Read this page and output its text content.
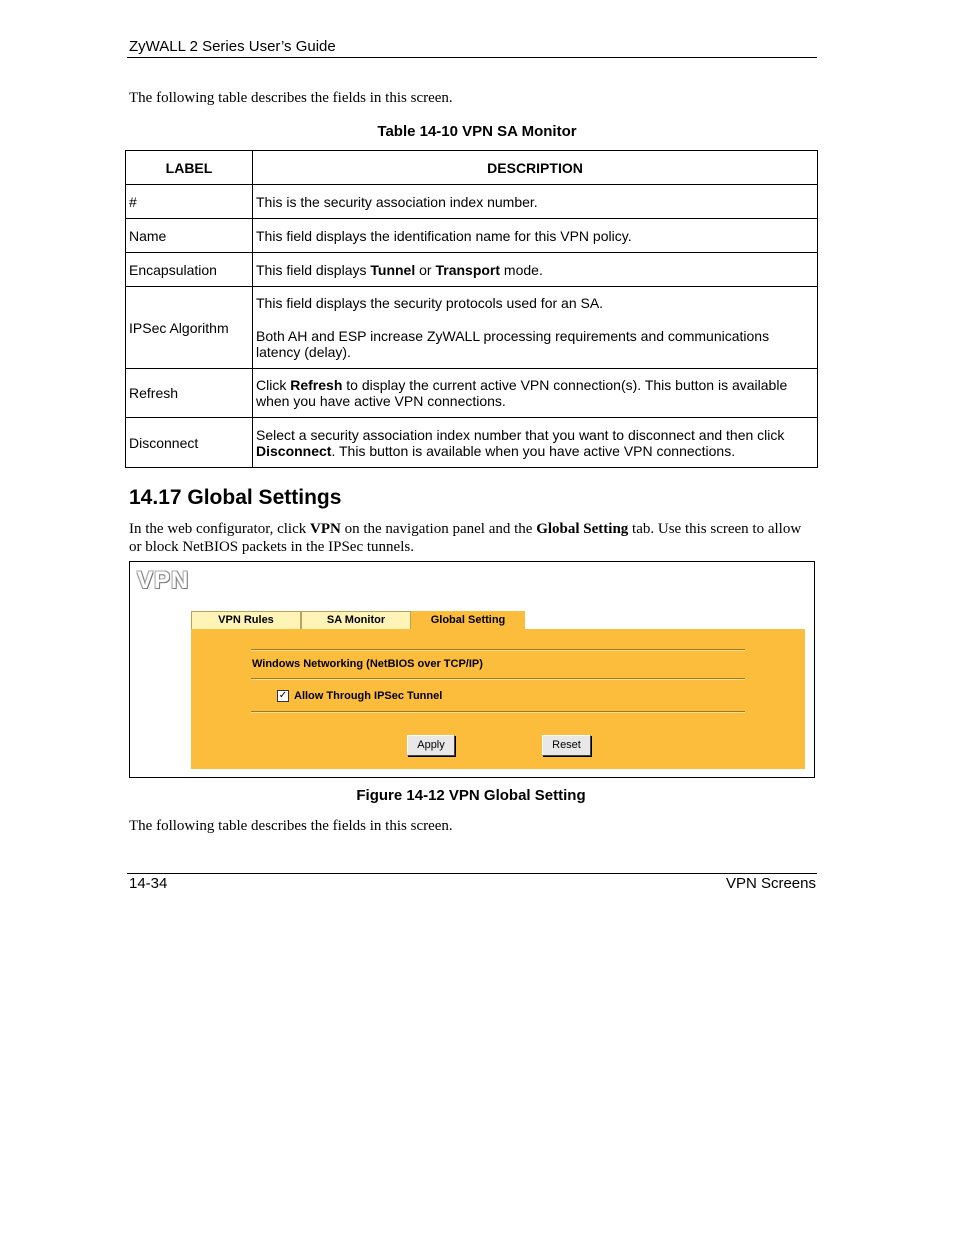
ZyWALL 2 Series User’s Guide
The following table describes the fields in this screen.
Table 14-10 VPN SA Monitor
LABEL	DESCRIPTION
#	This is the security association index number.
Name	This field displays the identification name for this VPN policy.
Encapsulation	This field displays Tunnel or Transport mode.
IPSec Algorithm	This field displays the security protocols used for an SA.

Both AH and ESP increase ZyWALL processing requirements and communications latency (delay).

Refresh	Click Refresh to display the current active VPN connection(s). This button is available when you have active VPN connections.

Disconnect	Select a security association index number that you want to disconnect and then click Disconnect. This button is available when you have active VPN connections.

14.17 Global Settings
In the web configurator, click VPN on the navigation panel and the Global Setting tab. Use this screen to allow or block NetBIOS packets in the IPSec tunnels.
VPN
VPN Rules	SA Monitor	Global Setting
Windows Networking (NetBIOS over TCP/IP)
✓ Allow Through IPSec Tunnel
Apply	Reset
Figure 14-12 VPN Global Setting
The following table describes the fields in this screen.
14-34	VPN Screens
